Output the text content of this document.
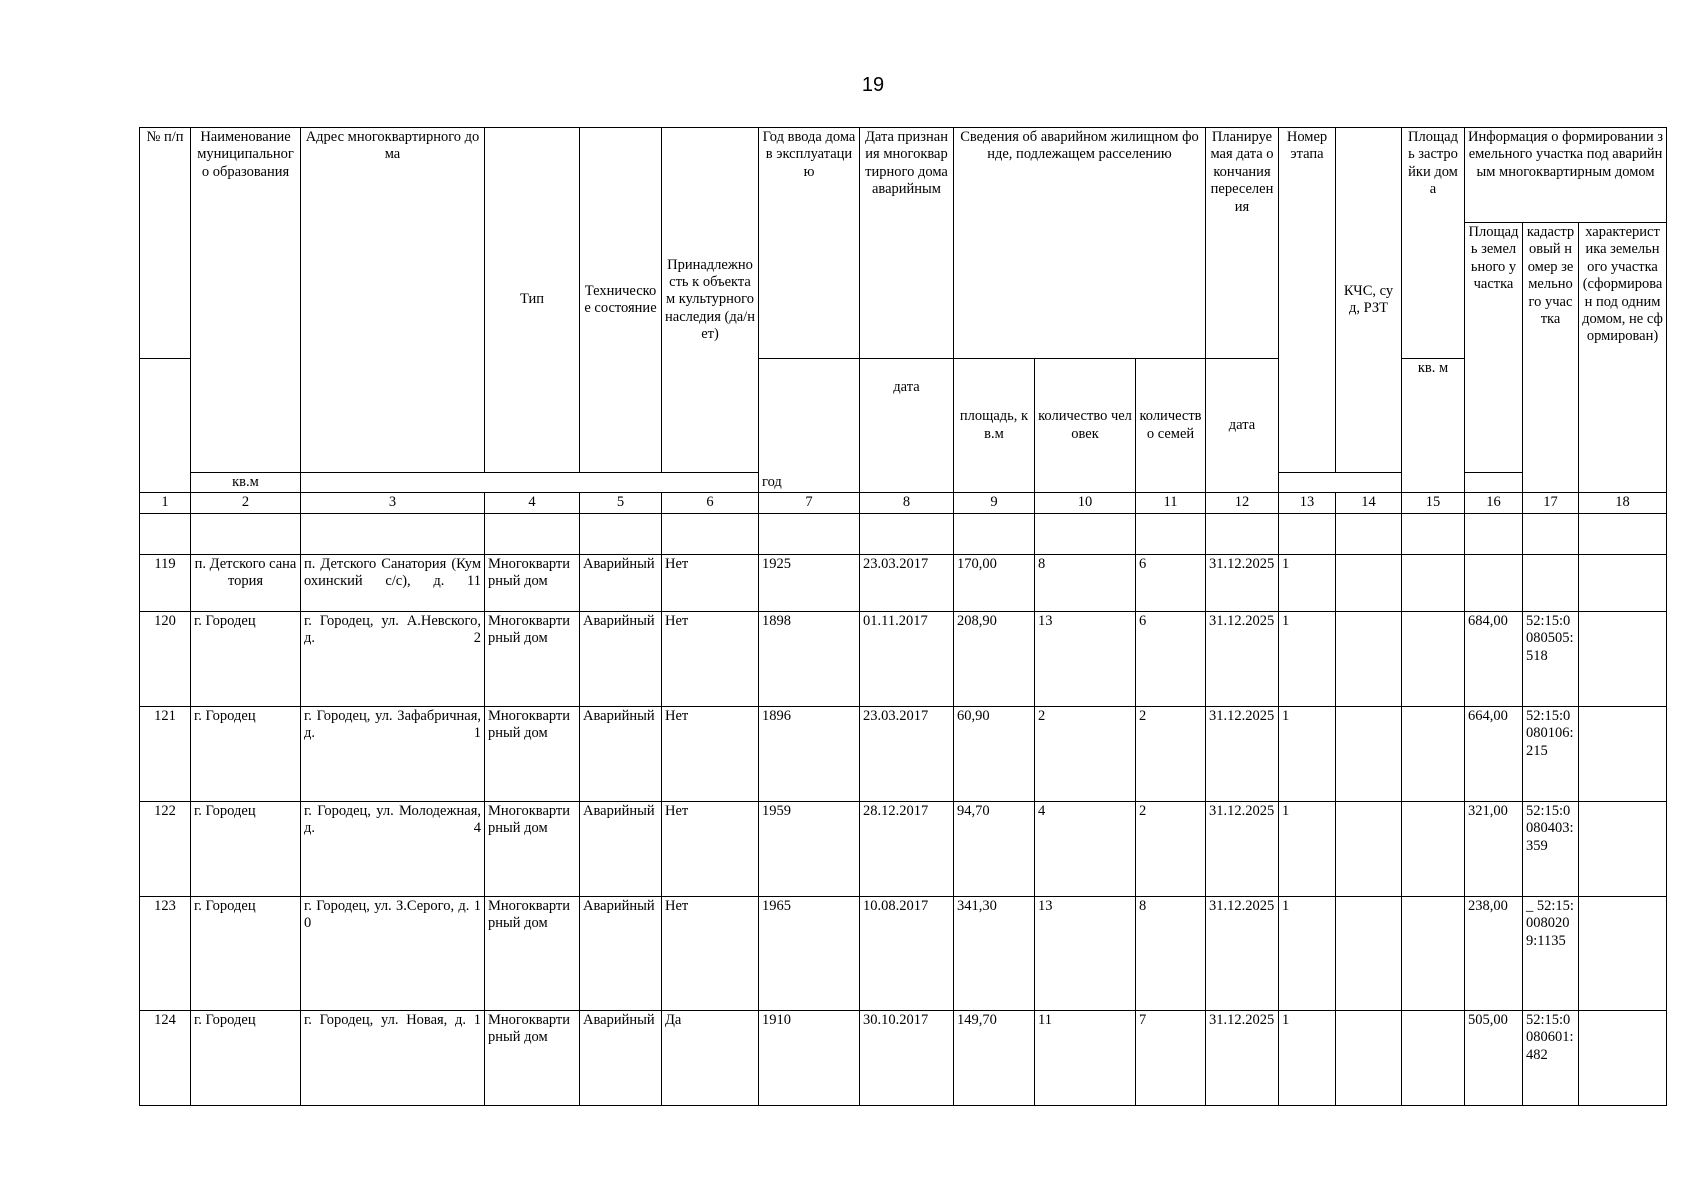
19
№ п/п	Наименование муниципального образования	Адрес многоквартирного дома	Тип	Техническое состояние	Принадлежность к объектам культурного наследия (да/нет)	Год ввода дома в эксплуатацию	Дата признания многоквартирного дома аварийным	Сведения об аварийном жилищном фонде, подлежащем расселению			Планируемая дата окончания переселения	Номер этапа	КЧС, суд, РЗТ	Площадь застройки дома	Информация о формировании земельного участка под аварийным многоквартирным домом		
															Площадь земельного участка	кадастровый номер земельного участка	характеристика земельного участка (сформирован под одним домом, не сформирован)
						год	дата	площадь, кв.м	количество человек	количество семей	дата			кв. м			
	кв.м																
1	2	3	4	5	6	7	8	9	10	11	12	13	14	15	16	17	18

119	п. Детского санатория	п. Детского Санатория (Кумохинский с/с), д. 11	Многоквартирный дом	Аварийный	Нет	1925	23.03.2017	170,00	8	6	31.12.2025	1					
120	г. Городец	г. Городец, ул. А.Невского, д. 2	Многоквартирный дом	Аварийный	Нет	1898	01.11.2017	208,90	13	6	31.12.2025	1			684,00	52:15:0080505:518	
121	г. Городец	г. Городец, ул. Зафабричная, д. 1	Многоквартирный дом	Аварийный	Нет	1896	23.03.2017	60,90	2	2	31.12.2025	1			664,00	52:15:0080106:215	
122	г. Городец	г. Городец, ул. Молодежная, д. 4	Многоквартирный дом	Аварийный	Нет	1959	28.12.2017	94,70	4	2	31.12.2025	1			321,00	52:15:0080403:359	
123	г. Городец	г. Городец, ул. З.Серого, д. 10	Многоквартирный дом	Аварийный	Нет	1965	10.08.2017	341,30	13	8	31.12.2025	1			238,00	_ 52:15:0080209:1135	
124	г. Городец	г. Городец, ул. Новая, д. 1	Многоквартирный дом	Аварийный	Да	1910	30.10.2017	149,70	11	7	31.12.2025	1			505,00	52:15:0080601:482	
